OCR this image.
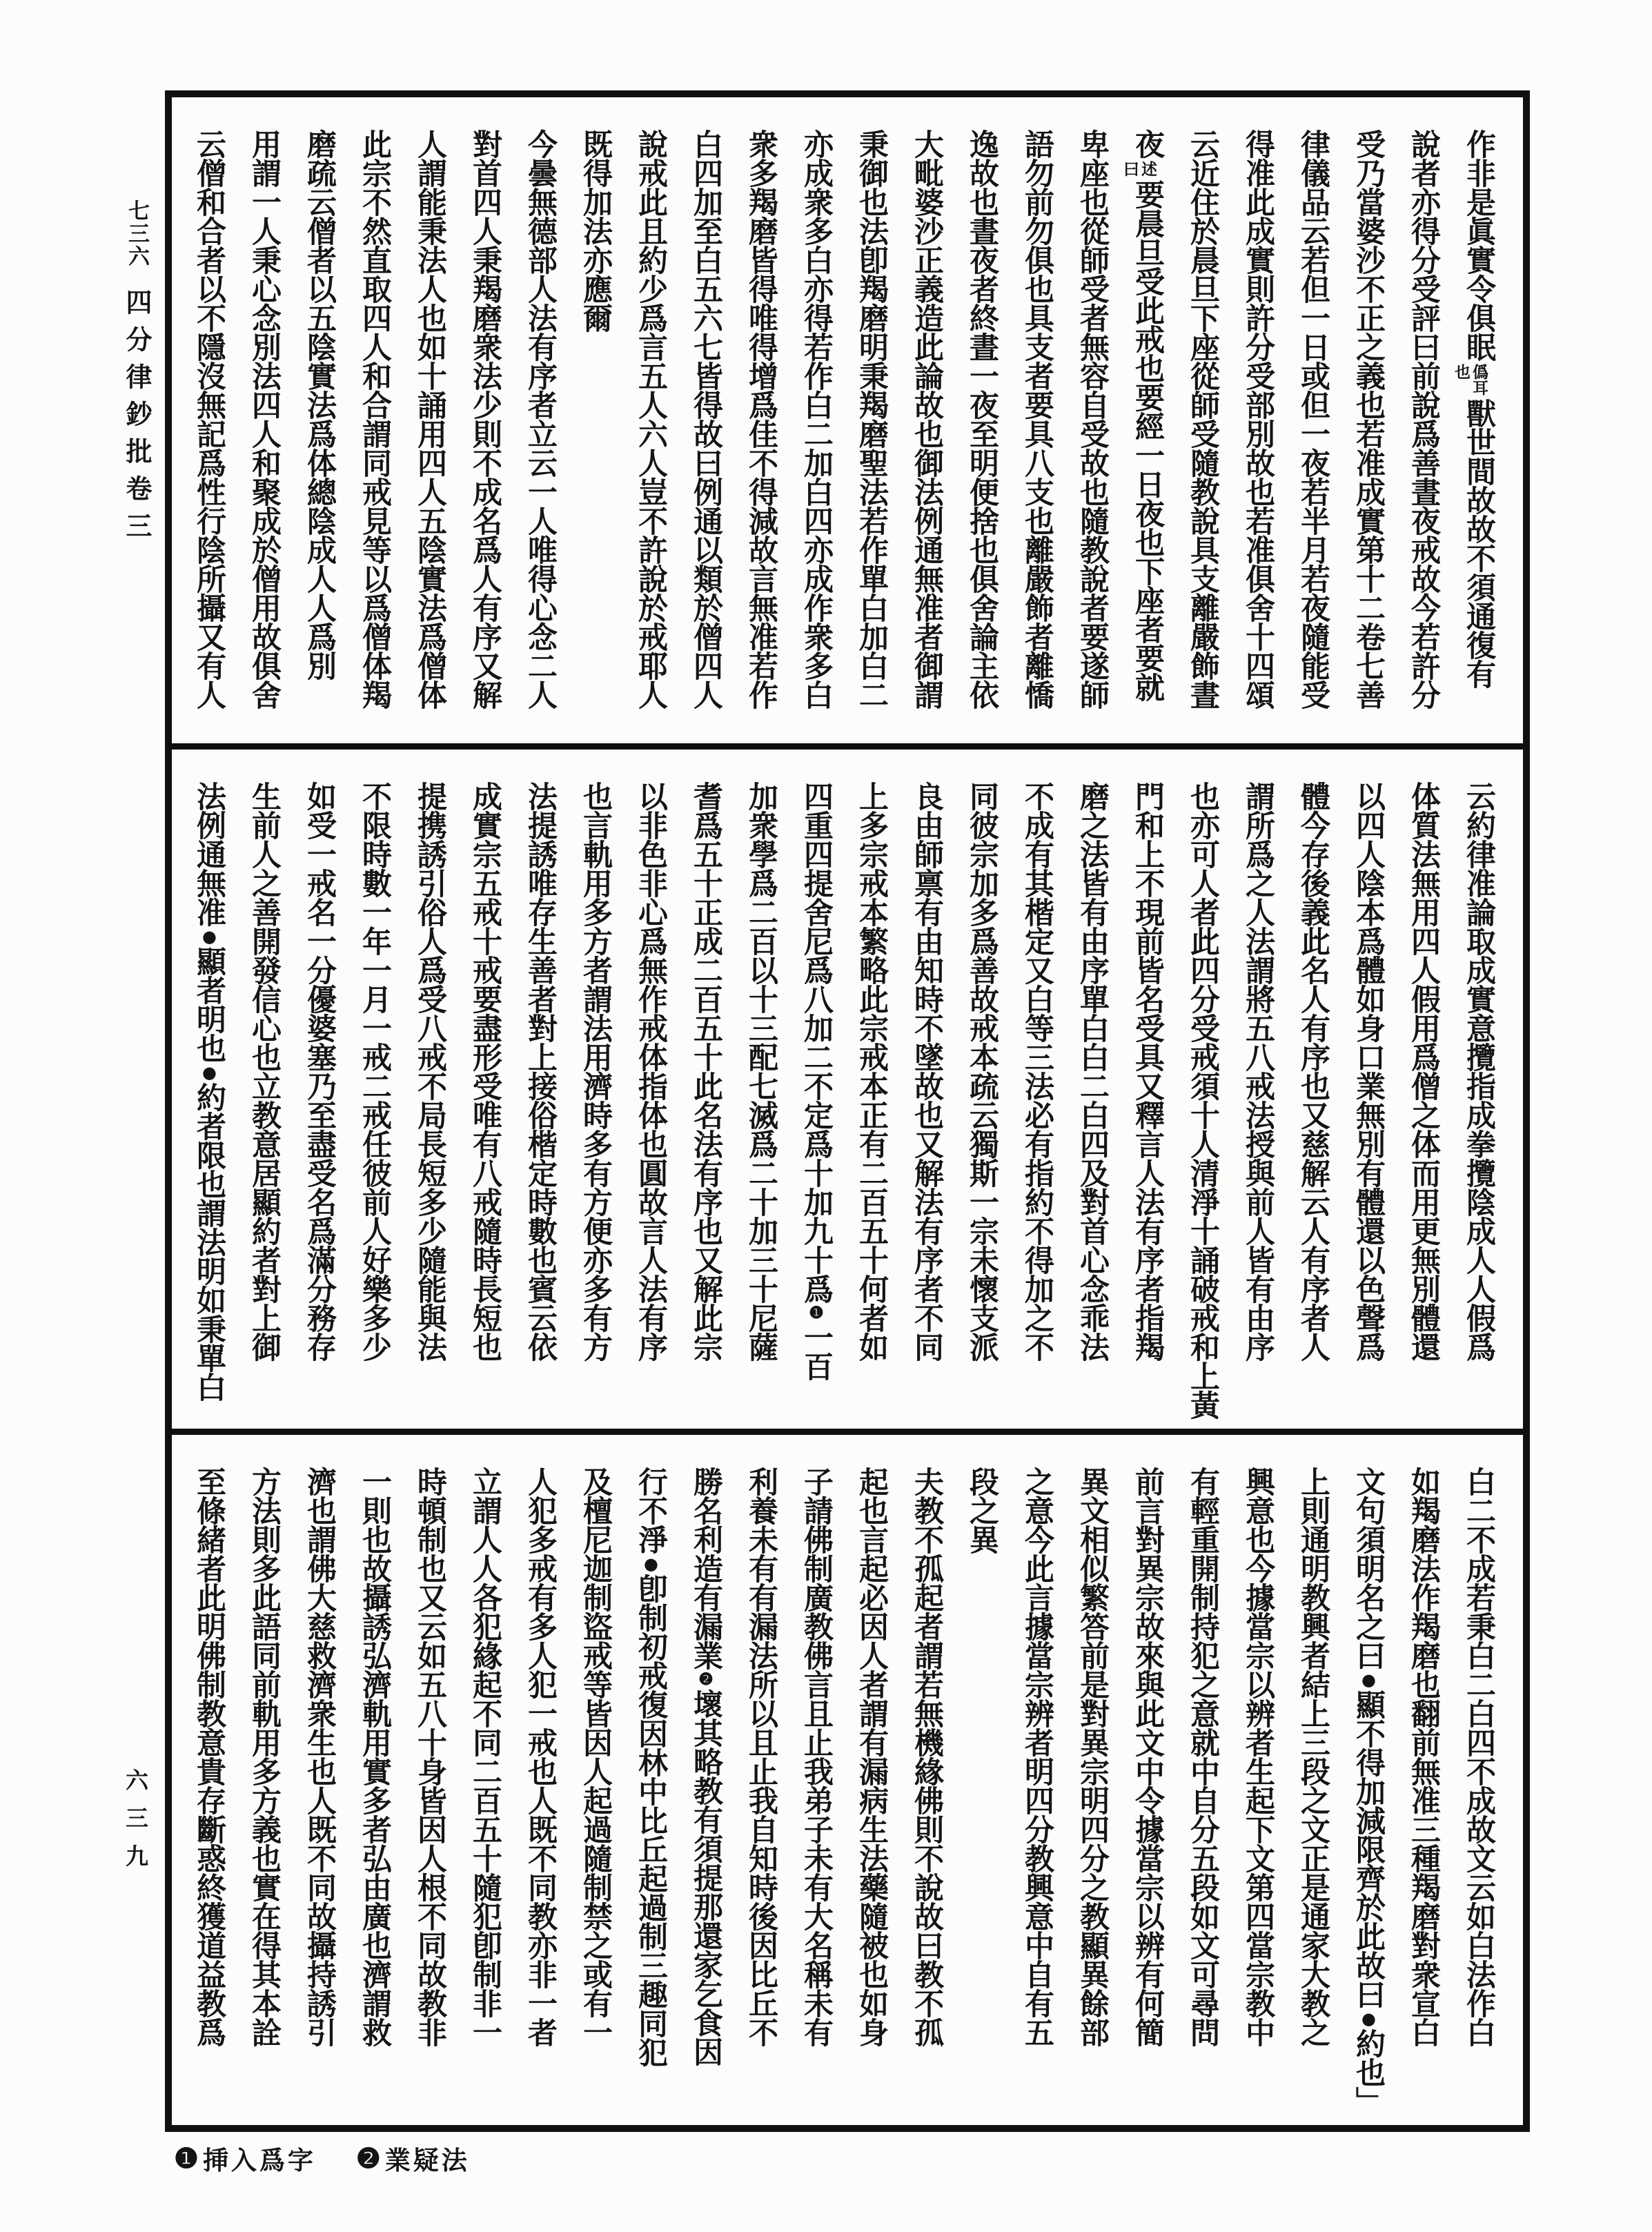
七三六
四分律鈔批卷三
六三九
作非是眞實令俱眠
僞耳
也
獸世間故故不須通復有
說者亦得分受評曰前說爲善晝夜戒故今若許分
受乃當婆沙不正之義也若准成實第十二卷七善
律儀品云若但一日或但一夜若半月若夜隨能受
得准此成實則許分受部別故也若准俱舍十四頌
云近住於晨旦下座從師受隨教說具支離嚴飾晝
夜
述
曰
要晨旦受此戒也要經一日夜也下座者要就
卑座也從師受者無容自受故也隨教說者要遂師
語勿前勿俱也具支者要具八支也離嚴飾者離憍
逸故也晝夜者終晝一夜至明便捨也俱舍論主依
大毗婆沙正義造此論故也御法例通無准者御謂
秉御也法卽羯磨明秉羯磨聖法若作單白加白二
亦成衆多白亦得若作白二加白四亦成作衆多白
衆多羯磨皆得唯得增爲佳不得減故言無准若作
白四加至白五六七皆得故曰例通以類於僧四人
說戒此且約少爲言五人六人豈不許說於戒耶人
既得加法亦應爾
今曇無德部人法有序者立云一人唯得心念二人
對首四人秉羯磨衆法少則不成名爲人有序又解
人謂能秉法人也如十誦用四人五陰實法爲僧体
此宗不然直取四人和合謂同戒見等以爲僧体羯
磨疏云僧者以五陰實法爲体總陰成人人爲別
用謂一人秉心念別法四人和聚成於僧用故俱舍
云僧和合者以不隱沒無記爲性行陰所攝又有人
云約律准論取成實意攬指成拳攬陰成人人假爲
体質法無用四人假用爲僧之体而用更無別體還
以四人陰本爲體如身口業無別有體還以色聲爲
體今存後義此名人有序也又慈解云人有序者人
謂所爲之人法謂將五八戒法授與前人皆有由序
也亦可人者此四分受戒須十人清淨十誦破戒和上黃
門和上不現前皆名受具又釋言人法有序者指羯
磨之法皆有由序單白白二白四及對首心念乖法
不成有其楷定又白等三法必有指約不得加之不
同彼宗加多爲善故戒本疏云獨斯一宗未懷支派
良由師禀有由知時不墜故也又解法有序者不同
上多宗戒本繁略此宗戒本正有二百五十何者如
四重四提舍尼爲八加二不定爲十加九十爲❶一百
加衆學爲二百以十三配七滅爲二十加三十尼薩
耆爲五十正成二百五十此名法有序也又解此宗
以非色非心爲無作戒体指体也圓故言人法有序
也言軌用多方者謂法用濟時多有方便亦多有方
法提誘唯存生善者對上接俗楷定時數也賓云依
成實宗五戒十戒要盡形受唯有八戒隨時長短也
提携誘引俗人爲受八戒不局長短多少隨能與法
不限時數一年一月一戒二戒任彼前人好樂多少
如受一戒名一分優婆塞乃至盡受名爲滿分務存
生前人之善開發信心也立教意居顯約者對上御
法例通無准●顯者明也●約者限也謂法明如秉單白
白二不成若秉白二白四不成故文云如白法作白
如羯磨法作羯磨也翻前無准三種羯磨對衆宣白
文句須明名之曰●顯不得加減限齊於此故曰●約也」
上則通明教興者結上三段之文正是通家大教之
興意也今據當宗以辨者生起下文第四當宗教中
有輕重開制持犯之意就中自分五段如文可尋問
前言對異宗故來與此文中令據當宗以辨有何簡
異文相似繁答前是對異宗明四分之教顯異餘部
之意今此言據當宗辨者明四分教興意中自有五
段之異
夫教不孤起者謂若無機緣佛則不說故曰教不孤
起也言起必因人者謂有漏病生法藥隨被也如身
子請佛制廣教佛言且止我弟子未有大名稱未有
利養未有有漏法所以且止我自知時後因比丘不
勝名利造有漏業❷壞其略教有須提那還家乞食因
行不淨●卽制初戒復因林中比丘起過制三趣同犯
及檀尼迦制盜戒等皆因人起過隨制禁之或有一
人犯多戒有多人犯一戒也人既不同教亦非一者
立謂人人各犯緣起不同二百五十隨犯卽制非一
時頓制也又云如五八十身皆因人根不同故教非
一則也故攝誘弘濟軌用實多者弘由廣也濟謂救
濟也謂佛大慈救濟衆生也人既不同故攝持誘引
方法則多此語同前軌用多方義也實在得其本詮
至條緒者此明佛制教意貴存斷惑終獲道益教爲
❶ 挿入爲字 ❷ 業疑法
